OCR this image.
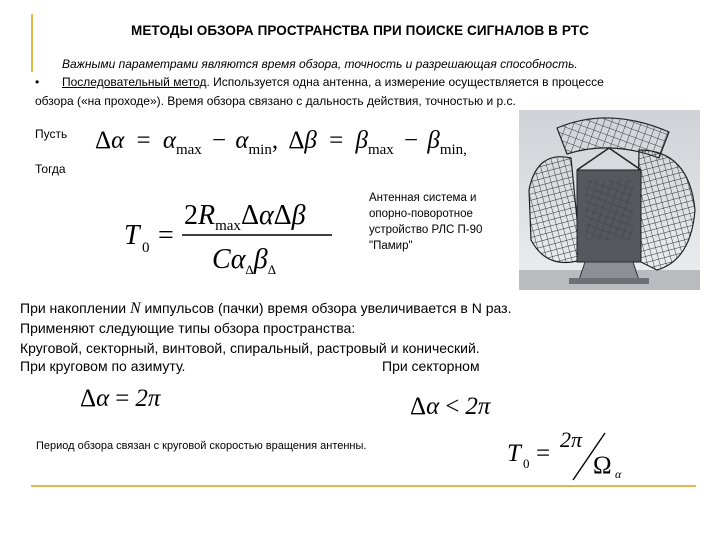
МЕТОДЫ ОБЗОРА ПРОСТРАНСТВА ПРИ ПОИСКЕ СИГНАЛОВ В РТС
Важными параметрами являются время обзора, точность и разрешающая способность.
• Последовательный метод. Используется одна антенна, а измерение осуществляется в процессе
обзора («на проходе»). Время обзора связано с дальность действия, точностью и р.с.
Пусть $\Delta\alpha = \alpha_{max} - \alpha_{min}$, $\Delta\beta = \beta_{max} - \beta_{min,}$
Тогда
T 0 =
$2R_{max}\Delta\alpha\Delta\beta$
$C\alpha_\Delta\beta_\Delta$
Антенная система и опорно-поворотное устройство РЛС П-90 "Памир"
При накоплении N импульсов (пачки) время обзора увеличивается в N раз.
Применяют следующие типы обзора пространства:
Круговой, секторный, винтовой, спиральный, растровый и конический.
При круговом по азимуту.	При секторном
Δα = 2π	Δα < 2π
Период обзора связан с круговой скоростью вращения антенны.	T 0 =
2π
Ω α
